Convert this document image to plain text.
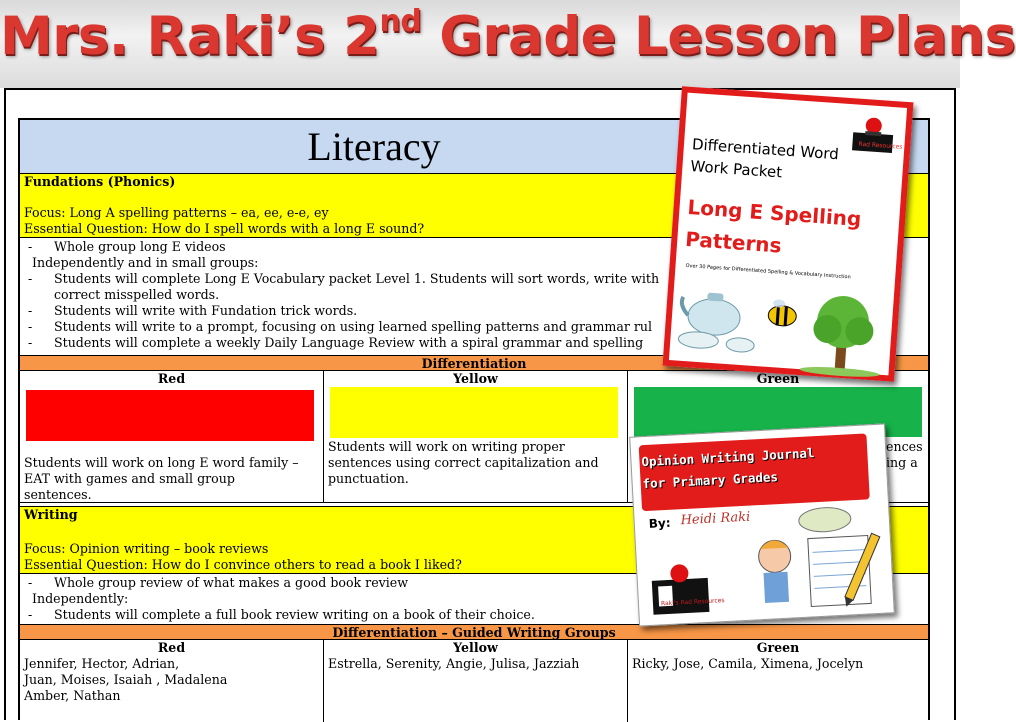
Mrs. Raki’s 2nd Grade Lesson Plans
Literacy
Fundations (Phonics)
Focus: Long A spelling patterns – ea, ee, e-e, ey
Essential Question: How do I spell words with a long E sound?
- Whole group long E videos
Independently and in small groups:
- Students will complete Long E Vocabulary packet Level 1. Students will sort words, write with
correct misspelled words.
- Students will write with Fundation trick words.
- Students will write to a prompt, focusing on using learned spelling patterns and grammar rul
- Students will complete a weekly Daily Language Review with a spiral grammar and spelling
Differentiation
Red
Students will work on long E word family –
EAT with games and small group
sentences.
Yellow
Students will work on writing proper
sentences using correct capitalization and
punctuation.
Green
ences
ing a
Writing
Focus: Opinion writing – book reviews
Essential Question: How do I convince others to read a book I liked?
- Whole group review of what makes a good book review
Independently:
- Students will complete a full book review writing on a book of their choice.
Differentiation – Guided Writing Groups
Red
Jennifer, Hector, Adrian,
Juan, Moises, Isaiah , Madalena
Amber, Nathan
Yellow
Estrella, Serenity, Angie, Julisa, Jazziah
Green
Ricky, Jose, Camila, Ximena, Jocelyn
Rad Resources
Differentiated Word
Work Packet
Long E Spelling
Patterns
Over 30 Pages for Differentiated Spelling & Vocabulary Instruction
Opinion Writing Journal
for Primary Grades
By: Heidi Raki
Raki's Rad Resources
